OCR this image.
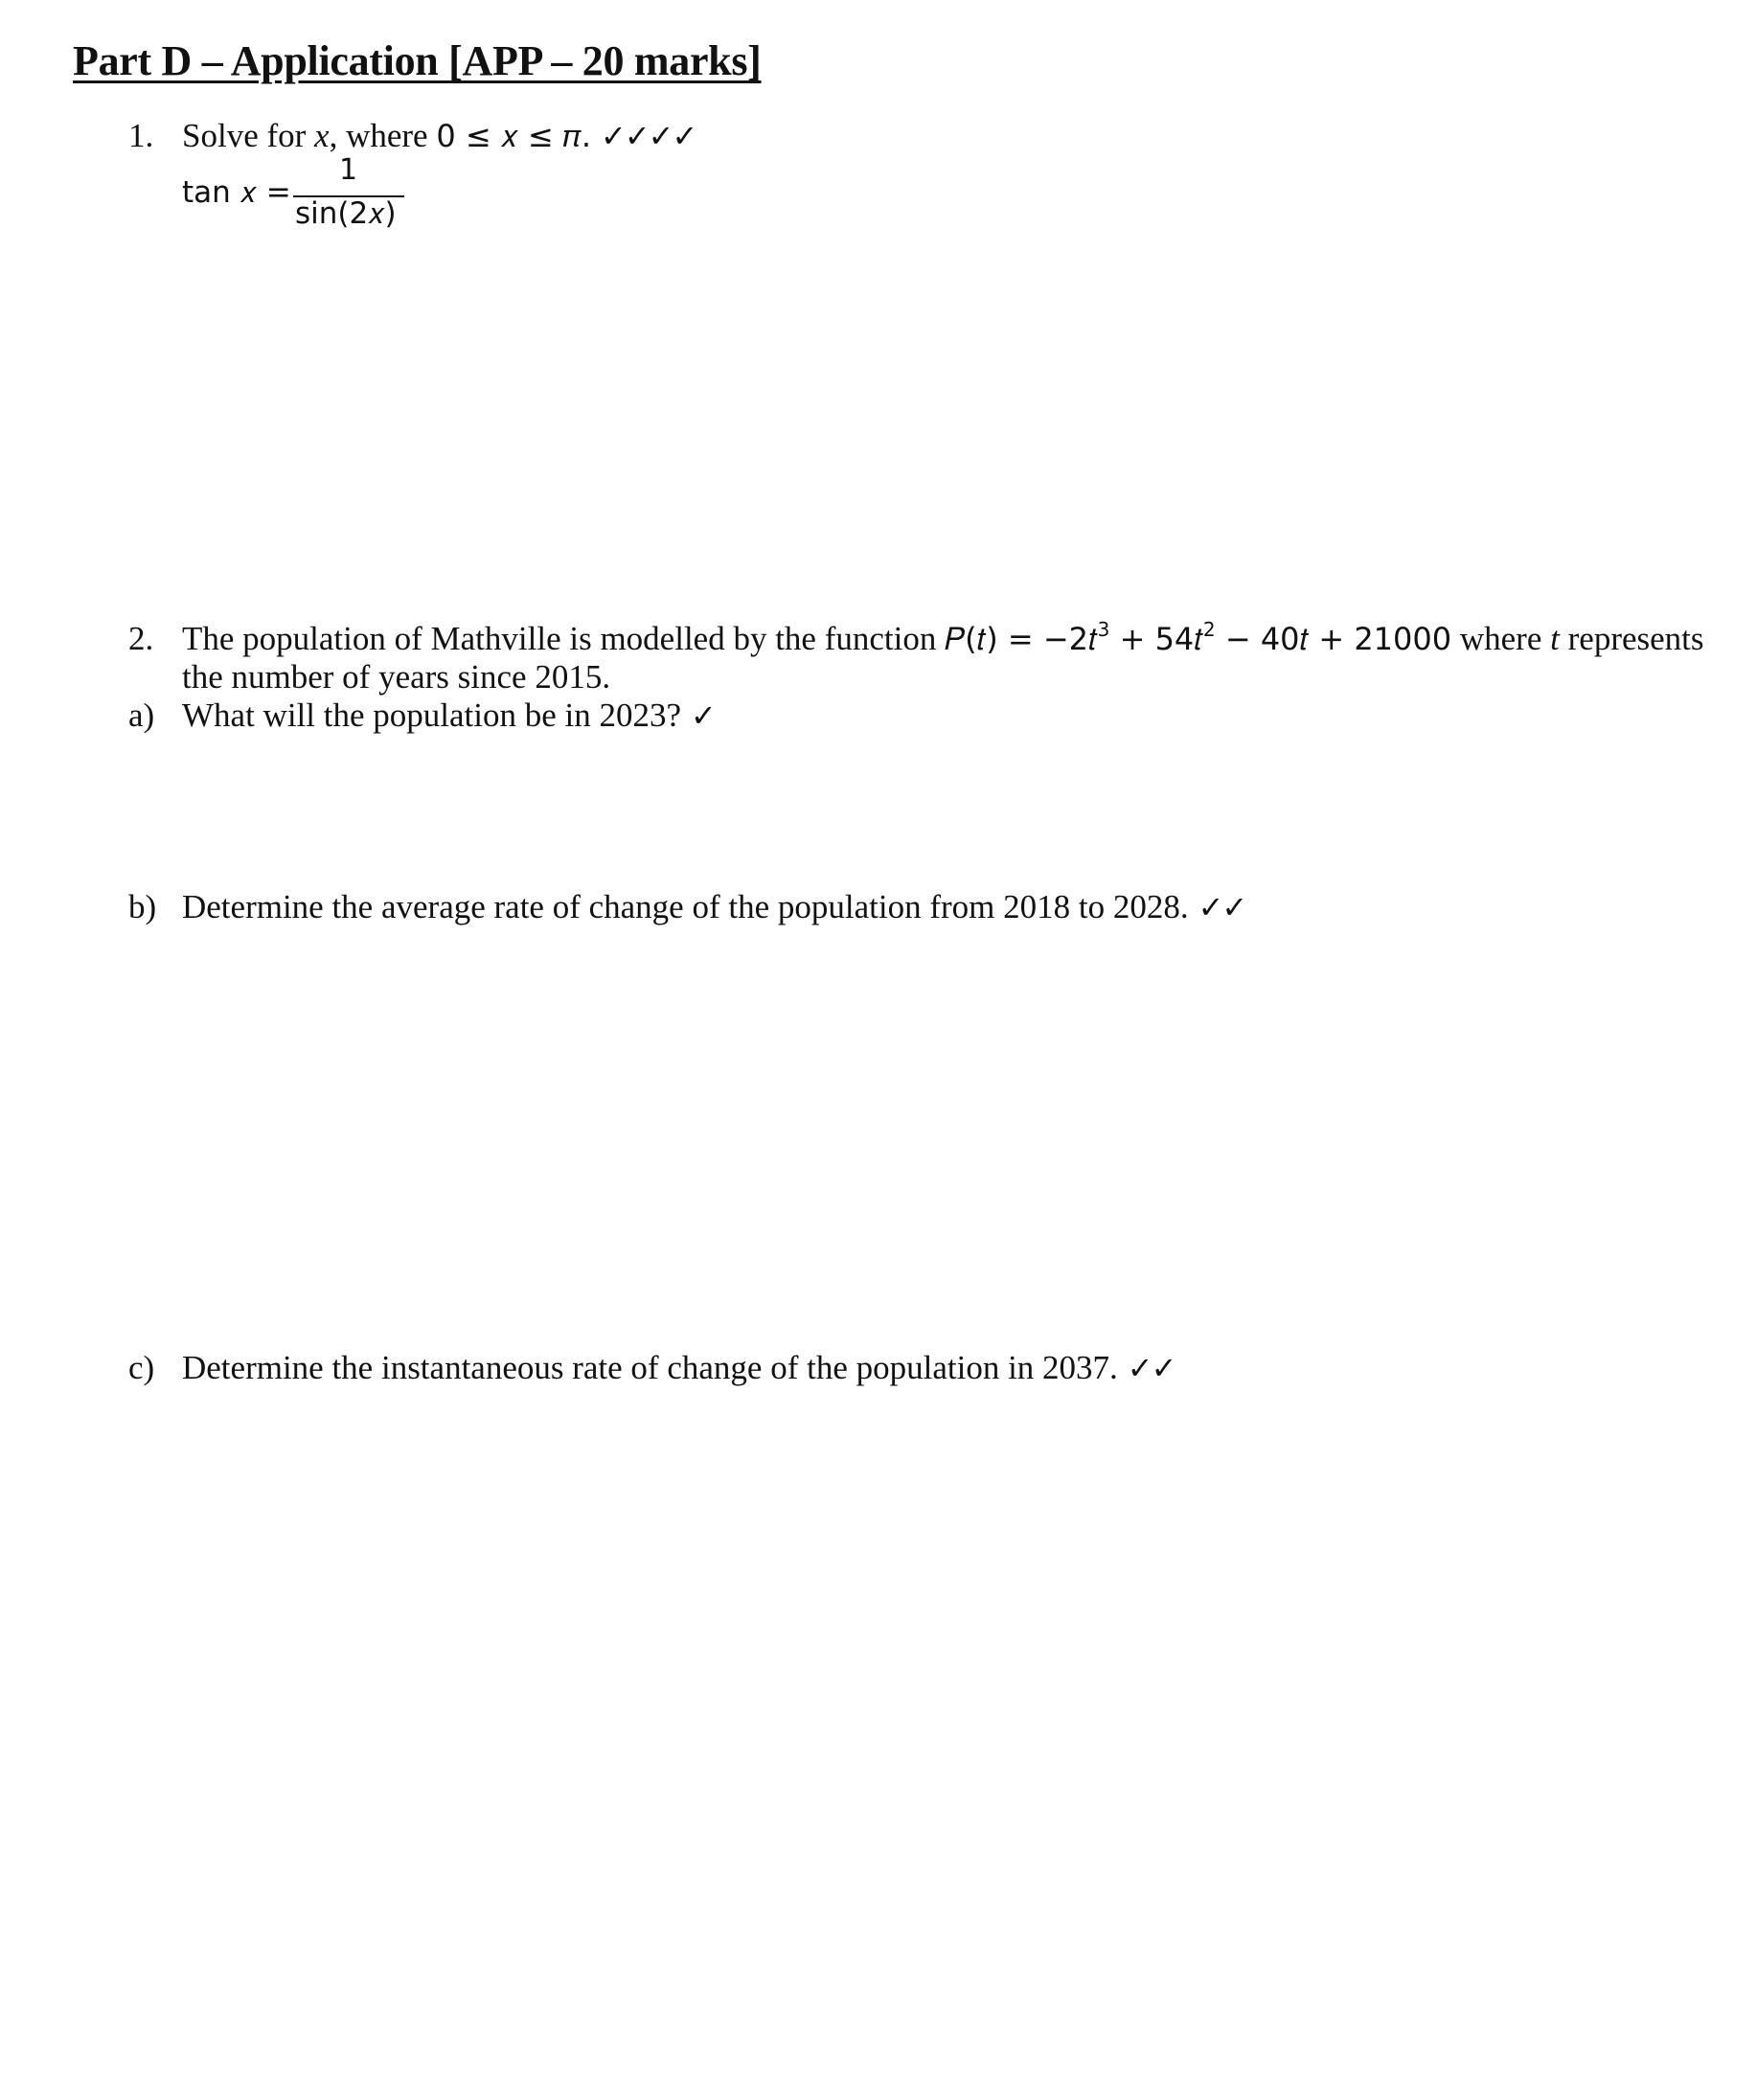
Part D – Application [APP – 20 marks]
1. Solve for x, where 0 ≤ 𝑥 ≤ 𝜋. ✓✓✓✓
1
tan 𝑥 =
sin(2𝑥)
2. The population of Mathville is modelled by the function 𝑃(𝑡) = −2𝑡$^3$ + 54𝑡$^2$ − 40𝑡 + 21000 where t represents
the number of years since 2015.
a) What will the population be in 2023? ✓
b) Determine the average rate of change of the population from 2018 to 2028. ✓✓
c) Determine the instantaneous rate of change of the population in 2037. ✓✓
